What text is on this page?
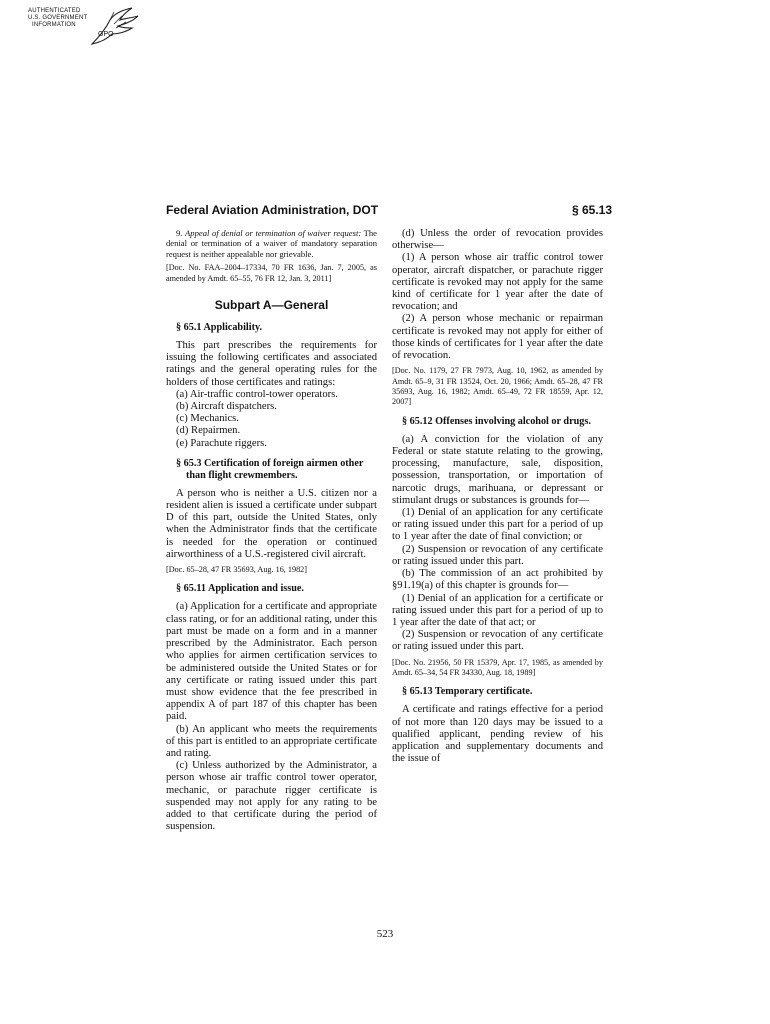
AUTHENTICATED
U.S. GOVERNMENT
INFORMATION
GPO
Federal Aviation Administration, DOT	§ 65.13

9. Appeal of denial or termination of waiver request: The denial or termination of a waiver of mandatory separation request is neither appealable nor grievable.

[Doc. No. FAA–2004–17334, 70 FR 1636, Jan. 7, 2005, as amended by Amdt. 65–55, 76 FR 12, Jan. 3, 2011]

Subpart A—General
§ 65.1 Applicability.

This part prescribes the requirements for issuing the following certificates and associated ratings and the general operating rules for the holders of those certificates and ratings:

(a) Air-traffic control-tower operators.

(b) Aircraft dispatchers.

(c) Mechanics.

(d) Repairmen.

(e) Parachute riggers.

§ 65.3 Certification of foreign airmen other than flight crewmembers.

A person who is neither a U.S. citizen nor a resident alien is issued a certificate under subpart D of this part, outside the United States, only when the Administrator finds that the certificate is needed for the operation or continued airworthiness of a U.S.-registered civil aircraft.

[Doc. 65–28, 47 FR 35693, Aug. 16, 1982]

§ 65.11 Application and issue.

(a) Application for a certificate and appropriate class rating, or for an additional rating, under this part must be made on a form and in a manner prescribed by the Administrator. Each person who applies for airmen certification services to be administered outside the United States or for any certificate or rating issued under this part must show evidence that the fee prescribed in appendix A of part 187 of this chapter has been paid.

(b) An applicant who meets the requirements of this part is entitled to an appropriate certificate and rating.

(c) Unless authorized by the Administrator, a person whose air traffic control tower operator, mechanic, or parachute rigger certificate is suspended may not apply for any rating to be added to that certificate during the period of suspension.

(d) Unless the order of revocation provides otherwise—

(1) A person whose air traffic control tower operator, aircraft dispatcher, or parachute rigger certificate is revoked may not apply for the same kind of certificate for 1 year after the date of revocation; and

(2) A person whose mechanic or repairman certificate is revoked may not apply for either of those kinds of certificates for 1 year after the date of revocation.

[Doc. No. 1179, 27 FR 7973, Aug. 10, 1962, as amended by Amdt. 65–9, 31 FR 13524, Oct. 20, 1966; Amdt. 65–28, 47 FR 35693, Aug. 16, 1982; Amdt. 65–49, 72 FR 18559, Apr. 12, 2007]

§ 65.12 Offenses involving alcohol or drugs.

(a) A conviction for the violation of any Federal or state statute relating to the growing, processing, manufacture, sale, disposition, possession, transportation, or importation of narcotic drugs, marihuana, or depressant or stimulant drugs or substances is grounds for—

(1) Denial of an application for any certificate or rating issued under this part for a period of up to 1 year after the date of final conviction; or

(2) Suspension or revocation of any certificate or rating issued under this part.

(b) The commission of an act prohibited by §91.19(a) of this chapter is grounds for—

(1) Denial of an application for a certificate or rating issued under this part for a period of up to 1 year after the date of that act; or

(2) Suspension or revocation of any certificate or rating issued under this part.

[Doc. No. 21956, 50 FR 15379, Apr. 17, 1985, as amended by Amdt. 65–34, 54 FR 34330, Aug. 18, 1989]

§ 65.13 Temporary certificate.

A certificate and ratings effective for a period of not more than 120 days may be issued to a qualified applicant, pending review of his application and supplementary documents and the issue of

523
